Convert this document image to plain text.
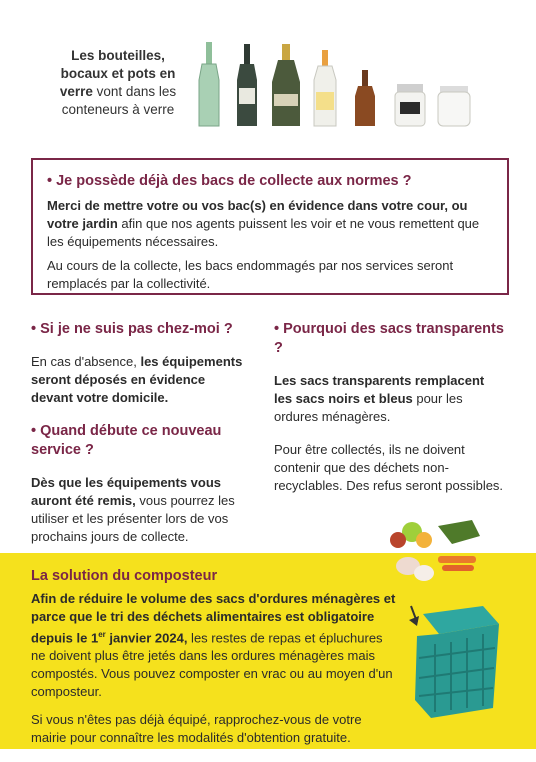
Les bouteilles,
bocaux et pots en
verre vont dans les
conteneurs à verre

• Je possède déjà des bacs de collecte aux normes ?

Merci de mettre votre ou vos bac(s) en évidence dans votre cour, ou votre jardin afin que nos agents puissent les voir et ne vous remettent que les équipements nécessaires.

Au cours de la collecte, les bacs endommagés par nos services seront remplacés par la collectivité.

• Si je ne suis pas chez-moi ?

En cas d'absence, les équipements seront déposés en évidence devant votre domicile.

• Quand débute ce nouveau service ?

Dès que les équipements vous auront été remis, vous pourrez les utiliser et les présenter lors de vos prochains jours de collecte.

• Pourquoi des sacs transparents ?

Les sacs transparents remplacent les sacs noirs et bleus pour les ordures ménagères.

Pour être collectés, ils ne doivent contenir que des déchets non-recyclables. Des refus seront possibles.

La solution du composteur

Afin de réduire le volume des sacs d'ordures ménagères et parce que le tri des déchets alimentaires est obligatoire depuis le 1er janvier 2024, les restes de repas et épluchures ne doivent plus être jetés dans les ordures ménagères mais compostés. Vous pouvez composter en vrac ou au moyen d'un composteur.

Si vous n'êtes pas déjà équipé, rapprochez-vous de votre mairie pour connaître les modalités d'obtention gratuite.
